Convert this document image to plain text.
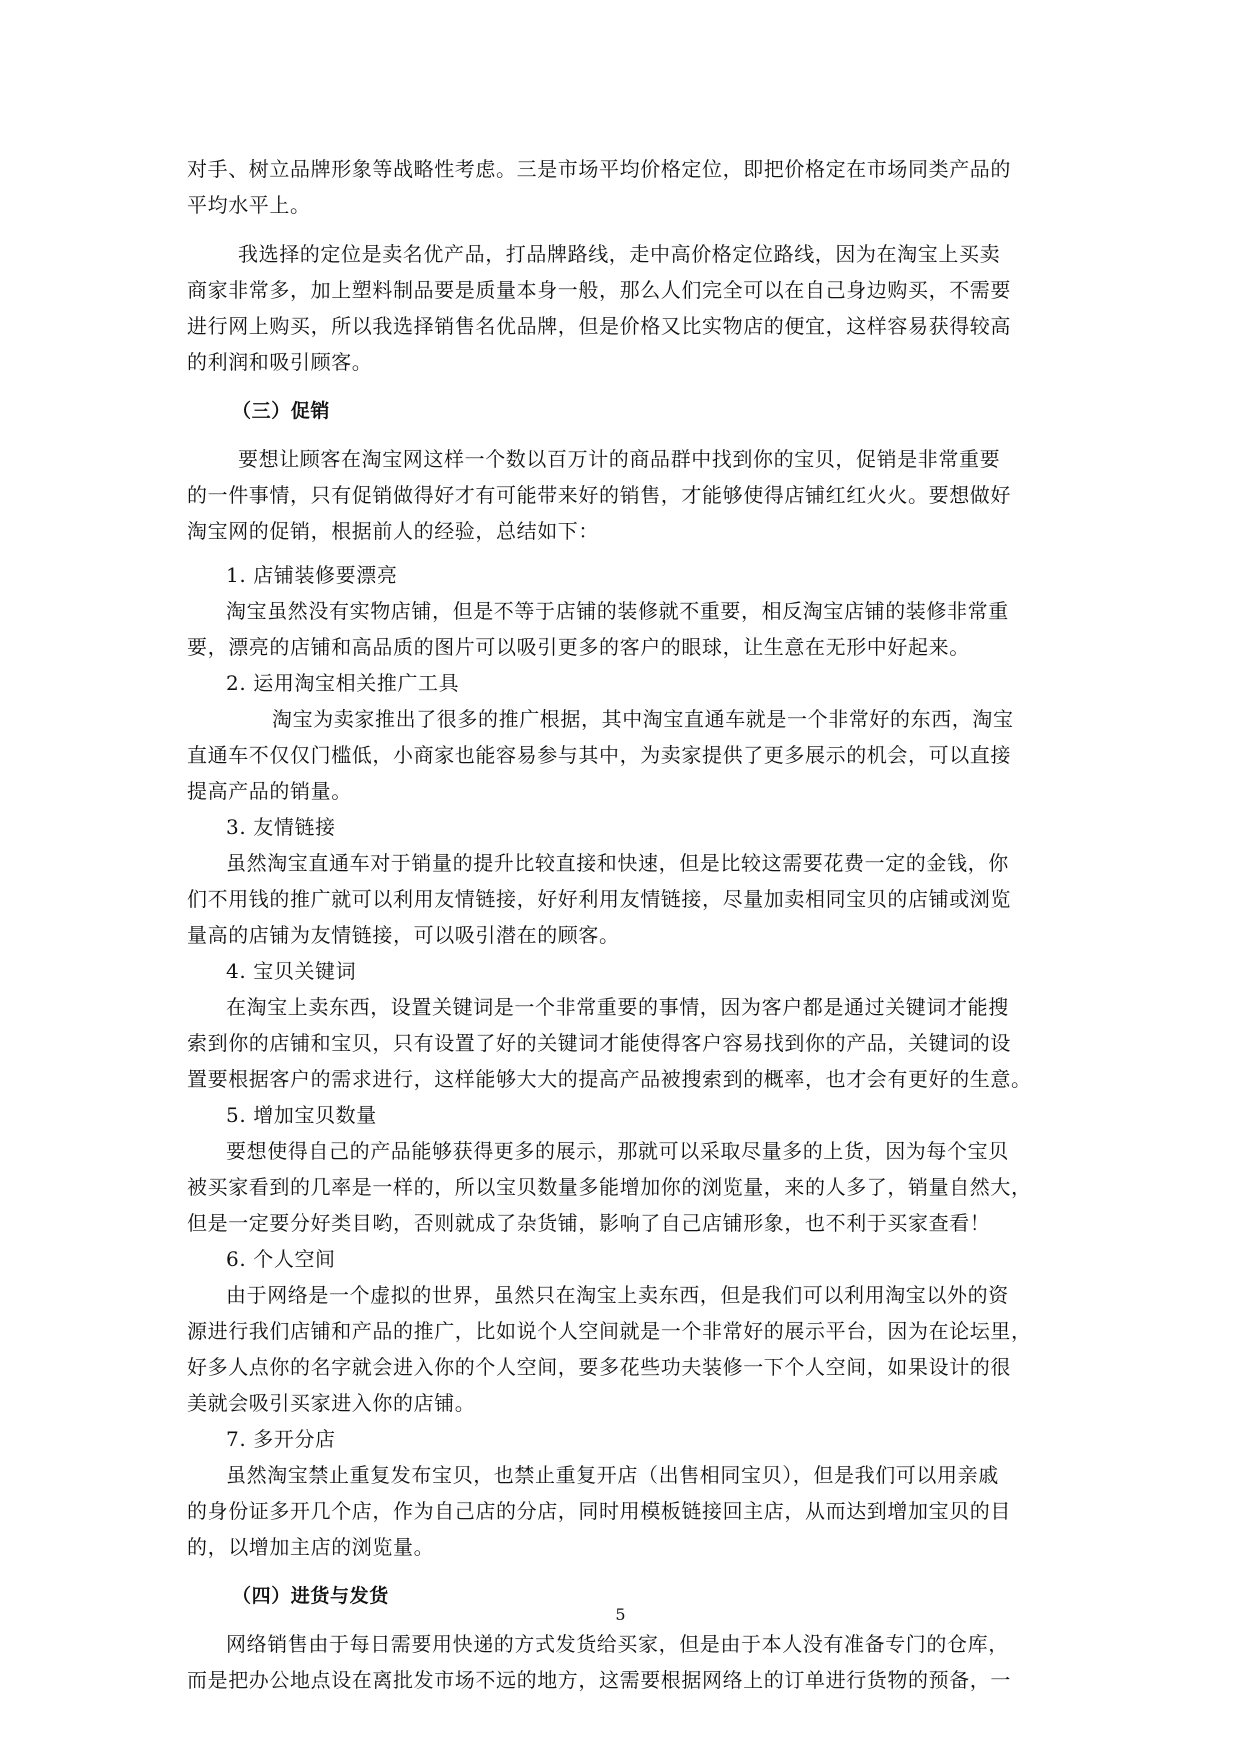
对手、树立品牌形象等战略性考虑。三是市场平均价格定位，即把价格定在市场同类产品的
平均水平上。
我选择的定位是卖名优产品，打品牌路线，走中高价格定位路线，因为在淘宝上买卖
商家非常多，加上塑料制品要是质量本身一般，那么人们完全可以在自己身边购买，不需要
进行网上购买，所以我选择销售名优品牌，但是价格又比实物店的便宜，这样容易获得较高
的利润和吸引顾客。
（三）促销
要想让顾客在淘宝网这样一个数以百万计的商品群中找到你的宝贝，促销是非常重要
的一件事情，只有促销做得好才有可能带来好的销售，才能够使得店铺红红火火。要想做好
淘宝网的促销，根据前人的经验，总结如下：
1. 店铺装修要漂亮
淘宝虽然没有实物店铺，但是不等于店铺的装修就不重要，相反淘宝店铺的装修非常重
要，漂亮的店铺和高品质的图片可以吸引更多的客户的眼球，让生意在无形中好起来。
2. 运用淘宝相关推广工具
淘宝为卖家推出了很多的推广根据，其中淘宝直通车就是一个非常好的东西，淘宝
直通车不仅仅门槛低，小商家也能容易参与其中，为卖家提供了更多展示的机会，可以直接
提高产品的销量。
3. 友情链接
虽然淘宝直通车对于销量的提升比较直接和快速，但是比较这需要花费一定的金钱，你
们不用钱的推广就可以利用友情链接，好好利用友情链接，尽量加卖相同宝贝的店铺或浏览
量高的店铺为友情链接，可以吸引潜在的顾客。
4. 宝贝关键词
在淘宝上卖东西，设置关键词是一个非常重要的事情，因为客户都是通过关键词才能搜
索到你的店铺和宝贝，只有设置了好的关键词才能使得客户容易找到你的产品，关键词的设
置要根据客户的需求进行，这样能够大大的提高产品被搜索到的概率，也才会有更好的生意。
5. 增加宝贝数量
要想使得自己的产品能够获得更多的展示，那就可以采取尽量多的上货，因为每个宝贝
被买家看到的几率是一样的，所以宝贝数量多能增加你的浏览量，来的人多了，销量自然大，
但是一定要分好类目哟，否则就成了杂货铺，影响了自己店铺形象，也不利于买家查看！
6. 个人空间
由于网络是一个虚拟的世界，虽然只在淘宝上卖东西，但是我们可以利用淘宝以外的资
源进行我们店铺和产品的推广，比如说个人空间就是一个非常好的展示平台，因为在论坛里，
好多人点你的名字就会进入你的个人空间，要多花些功夫装修一下个人空间，如果设计的很
美就会吸引买家进入你的店铺。
7. 多开分店
虽然淘宝禁止重复发布宝贝，也禁止重复开店（出售相同宝贝），但是我们可以用亲戚
的身份证多开几个店，作为自己店的分店，同时用模板链接回主店，从而达到增加宝贝的目
的，以增加主店的浏览量。
（四）进货与发货
网络销售由于每日需要用快递的方式发货给买家，但是由于本人没有准备专门的仓库，
而是把办公地点设在离批发市场不远的地方，这需要根据网络上的订单进行货物的预备，一
5
